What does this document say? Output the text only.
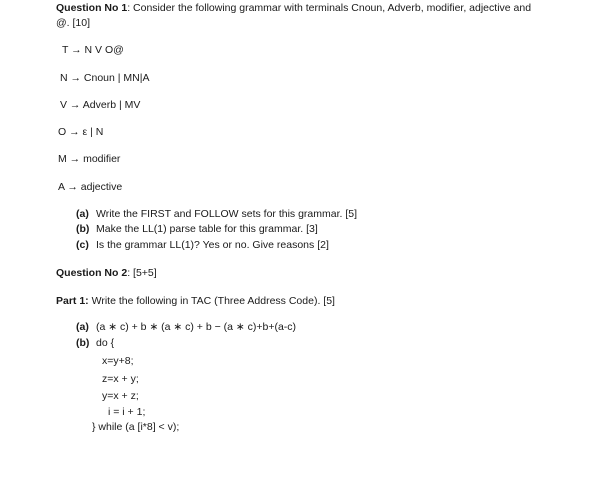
Question No 1: Consider the following grammar with terminals Cnoun, Adverb, modifier, adjective and
@. [10]
T → N V O@
N → Cnoun | MN|A
V → Adverb | MV
O → ε | N
M → modifier
A → adjective
(a) Write the FIRST and FOLLOW sets for this grammar. [5]
(b) Make the LL(1) parse table for this grammar. [3]
(c) Is the grammar LL(1)? Yes or no. Give reasons [2]
Question No 2: [5+5]
Part 1: Write the following in TAC (Three Address Code). [5]
(a) (a ∗ c) + b ∗ (a ∗ c) + b − (a ∗ c)+b+(a-c)
(b) do {
x=y+8;
z=x + y;
y=x + z;
i = i + 1;
} while (a [i*8] < v);
